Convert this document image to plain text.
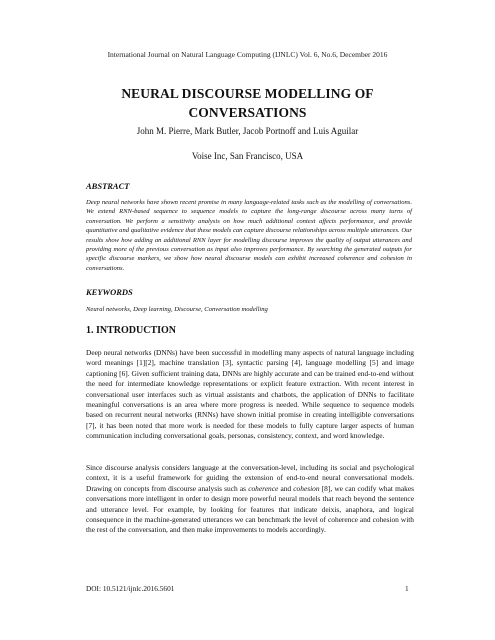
International Journal on Natural Language Computing (IJNLC) Vol. 6, No.6, December 2016
NEURAL DISCOURSE MODELLING OF
CONVERSATIONS
John M. Pierre, Mark Butler, Jacob Portnoff and Luis Aguilar
Voise Inc, San Francisco, USA
ABSTRACT
Deep neural networks have shown recent promise in many language-related tasks such as the modelling of conversations. We extend RNN-based sequence to sequence models to capture the long-range discourse across many turns of conversation. We perform a sensitivity analysis on how much additional context affects performance, and provide quantitative and qualitative evidence that these models can capture discourse relationships across multiple utterances. Our results show how adding an additional RNN layer for modelling discourse improves the quality of output utterances and providing more of the previous conversation as input also improves performance. By searching the generated outputs for specific discourse markers, we show how neural discourse models can exhibit increased coherence and cohesion in conversations.
KEYWORDS
Neural networks, Deep learning, Discourse, Conversation modelling
1. INTRODUCTION
Deep neural networks (DNNs) have been successful in modelling many aspects of natural language including word meanings [1][2], machine translation [3], syntactic parsing [4], language modelling [5] and image captioning [6]. Given sufficient training data, DNNs are highly accurate and can be trained end-to-end without the need for intermediate knowledge representations or explicit feature extraction. With recent interest in conversational user interfaces such as virtual assistants and chatbots, the application of DNNs to facilitate meaningful conversations is an area where more progress is needed. While sequence to sequence models based on recurrent neural networks (RNNs) have shown initial promise in creating intelligible conversations [7], it has been noted that more work is needed for these models to fully capture larger aspects of human communication including conversational goals, personas, consistency, context, and word knowledge.
Since discourse analysis considers language at the conversation-level, including its social and psychological context, it is a useful framework for guiding the extension of end-to-end neural conversational models. Drawing on concepts from discourse analysis such as coherence and cohesion [8], we can codify what makes conversations more intelligent in order to design more powerful neural models that reach beyond the sentence and utterance level. For example, by looking for features that indicate deixis, anaphora, and logical consequence in the machine-generated utterances we can benchmark the level of coherence and cohesion with the rest of the conversation, and then make improvements to models accordingly.
DOI: 10.5121/ijnlc.2016.5601	1
